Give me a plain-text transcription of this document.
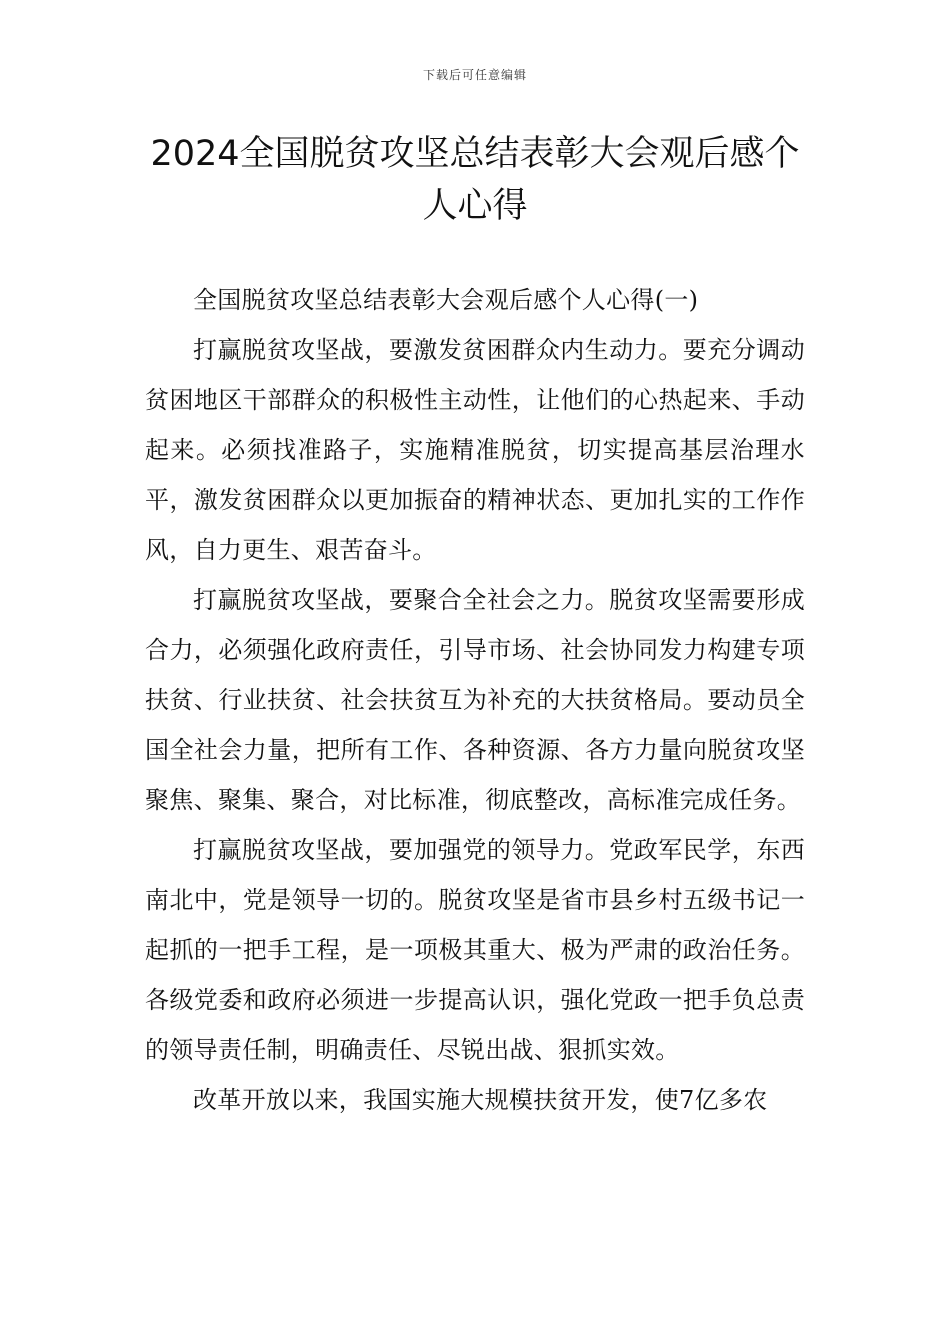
下载后可任意编辑
2024全国脱贫攻坚总结表彰大会观后感个人心得

全国脱贫攻坚总结表彰大会观后感个人心得(一)

打赢脱贫攻坚战，要激发贫困群众内生动力。要充分调动贫困地区干部群众的积极性主动性，让他们的心热起来、手动起来。必须找准路子，实施精准脱贫，切实提高基层治理水平，激发贫困群众以更加振奋的精神状态、更加扎实的工作作风，自力更生、艰苦奋斗。

打赢脱贫攻坚战，要聚合全社会之力。脱贫攻坚需要形成合力，必须强化政府责任，引导市场、社会协同发力构建专项扶贫、行业扶贫、社会扶贫互为补充的大扶贫格局。要动员全国全社会力量，把所有工作、各种资源、各方力量向脱贫攻坚聚焦、聚集、聚合，对比标准，彻底整改，高标准完成任务。

打赢脱贫攻坚战，要加强党的领导力。党政军民学，东西南北中，党是领导一切的。脱贫攻坚是省市县乡村五级书记一起抓的一把手工程，是一项极其重大、极为严肃的政治任务。各级党委和政府必须进一步提高认识，强化党政一把手负总责的领导责任制，明确责任、尽锐出战、狠抓实效。

改革开放以来，我国实施大规模扶贫开发，使7亿多农
